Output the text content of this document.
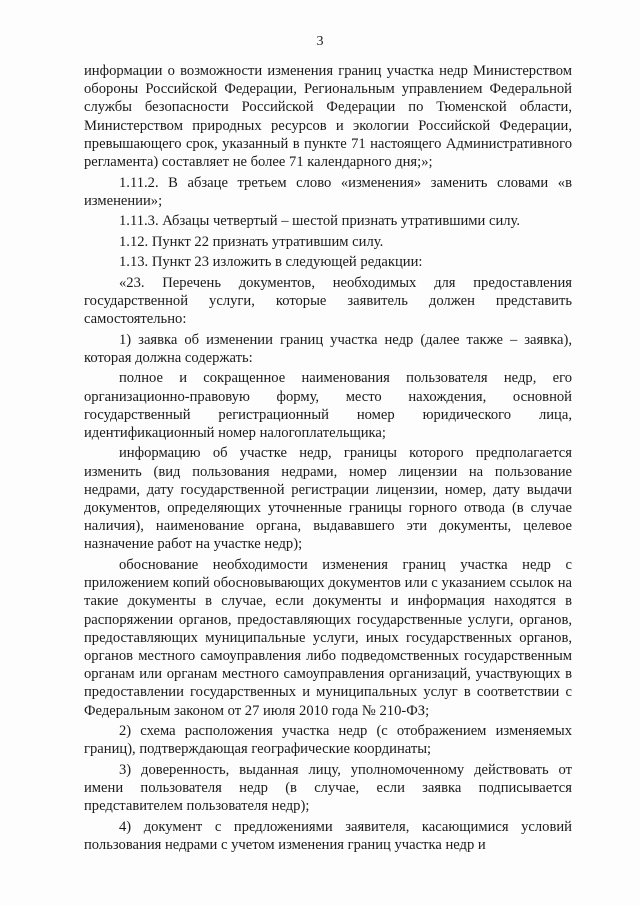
3

информации о возможности изменения границ участка недр Министерством обороны Российской Федерации, Региональным управлением Федеральной службы безопасности Российской Федерации по Тюменской области, Министерством природных ресурсов и экологии Российской Федерации, превышающего срок, указанный в пункте 71 настоящего Административного регламента) составляет не более 71 календарного дня;»;

1.11.2. В абзаце третьем слово «изменения» заменить словами «в изменении»;

1.11.3. Абзацы четвертый – шестой признать утратившими силу.

1.12. Пункт 22 признать утратившим силу.

1.13. Пункт 23 изложить в следующей редакции:

«23. Перечень документов, необходимых для предоставления государственной услуги, которые заявитель должен представить самостоятельно:

1) заявка об изменении границ участка недр (далее также – заявка), которая должна содержать:

полное и сокращенное наименования пользователя недр, его организационно-правовую форму, место нахождения, основной государственный регистрационный номер юридического лица, идентификационный номер налогоплательщика;

информацию об участке недр, границы которого предполагается изменить (вид пользования недрами, номер лицензии на пользование недрами, дату государственной регистрации лицензии, номер, дату выдачи документов, определяющих уточненные границы горного отвода (в случае наличия), наименование органа, выдававшего эти документы, целевое назначение работ на участке недр);

обоснование необходимости изменения границ участка недр с приложением копий обосновывающих документов или с указанием ссылок на такие документы в случае, если документы и информация находятся в распоряжении органов, предоставляющих государственные услуги, органов, предоставляющих муниципальные услуги, иных государственных органов, органов местного самоуправления либо подведомственных государственным органам или органам местного самоуправления организаций, участвующих в предоставлении государственных и муниципальных услуг в соответствии с Федеральным законом от 27 июля 2010 года № 210-ФЗ;

2) схема расположения участка недр (с отображением изменяемых границ), подтверждающая географические координаты;

3) доверенность, выданная лицу, уполномоченному действовать от имени пользователя недр (в случае, если заявка подписывается представителем пользователя недр);

4) документ с предложениями заявителя, касающимися условий пользования недрами с учетом изменения границ участка недр и
